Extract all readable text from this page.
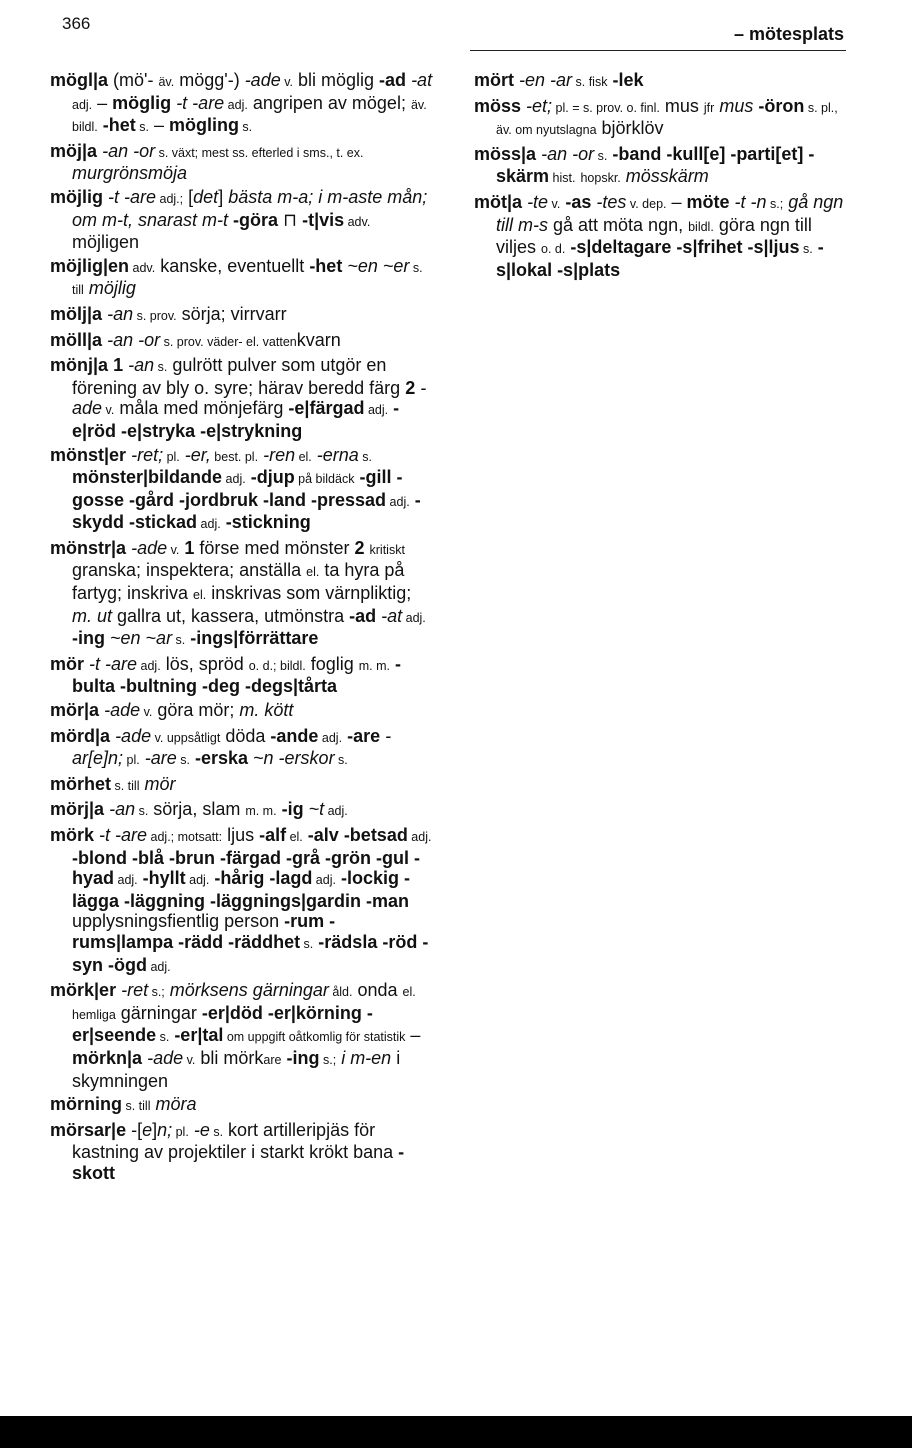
366
– mötesplats
mögl|a (mö'- äv. mögg'-) -ade v. bli möglig -ad -at adj. – möglig -t -are adj. angripen av mögel; äv. bildl. -het s. – mögling s.
möj|a -an -or s. växt; mest ss. efterled i sms., t. ex. murgrönsmöja
möjlig -t -are adj.; [det] bästa m-a; i m-aste mån; om m-t, snarast m-t -göra ⊓ -t|vis adv. möjligen
möjlig|en adv. kanske, eventuellt -het ~en ~er s. till möjlig
mölj|a -an s. prov. sörja; virrvarr
möll|a -an -or s. prov. väder- el. vattenkvarn
mönj|a 1 -an s. gulrött pulver som utgör en förening av bly o. syre; härav beredd färg 2 -ade v. måla med mönjefärg -e|färgad adj. -e|röd -e|stryka -e|strykning
mönst|er -ret; pl. -er, best. pl. -ren el. -erna s. mönster|bildande adj. -djup på bildäck -gill -gosse -gård -jordbruk -land -pressad adj. -skydd -stickad adj. -stickning
mönstr|a -ade v. 1 förse med mönster 2 kritiskt granska; inspektera; anställa el. ta hyra på fartyg; inskriva el. inskrivas som värnpliktig; m. ut gallra ut, kassera, utmönstra -ad -at adj. -ing ~en ~ar s. -ings|förrättare
mör -t -are adj. lös, spröd o. d.; bildl. foglig m. m. -bulta -bultning -deg -degs|tårta
mör|a -ade v. göra mör; m. kött
mörd|a -ade v. uppsåtligt döda -ande adj. -are -ar[e]n; pl. -are s. -erska ~n -erskor s.
mörhet s. till mör
mörj|a -an s. sörja, slam m. m. -ig ~t adj.
mörk -t -are adj.; motsatt: ljus -alf el. -alv -betsad adj. -blond -blå -brun -färgad -grå -grön -gul -hyad adj. -hyllt adj. -hårig -lagd adj. -lockig -lägga -läggning -läggnings|gardin -man upplysningsfientlig person -rum -rums|lampa -rädd -räddhet s. -rädsla -röd -syn -ögd adj.
mörk|er -ret s.; mörksens gärningar åld. onda el. hemliga gärningar -er|död -er|körning -er|seende s. -er|tal om uppgift oåtkomlig för statistik – mörkn|a -ade v. bli mörkare -ing s.; i m-en i skymningen
mörning s. till möra
mörsar|e -[e]n; pl. -e s. kort artilleripjäs för kastning av projektiler i starkt krökt bana -skott
mört -en -ar s. fisk -lek
möss -et; pl. = s. prov. o. finl. mus jfr mus -öron s. pl., äv. om nyutslagna björklöv
möss|a -an -or s. -band -kull[e] -parti[et] -skärm hist. hopskr. mösskärm
möt|a -te v. -as -tes v. dep. – möte -t -n s.; gå ngn till m-s gå att möta ngn, bildl. göra ngn till viljes o. d. -s|deltagare -s|frihet -s|ljus s. -s|lokal -s|plats
